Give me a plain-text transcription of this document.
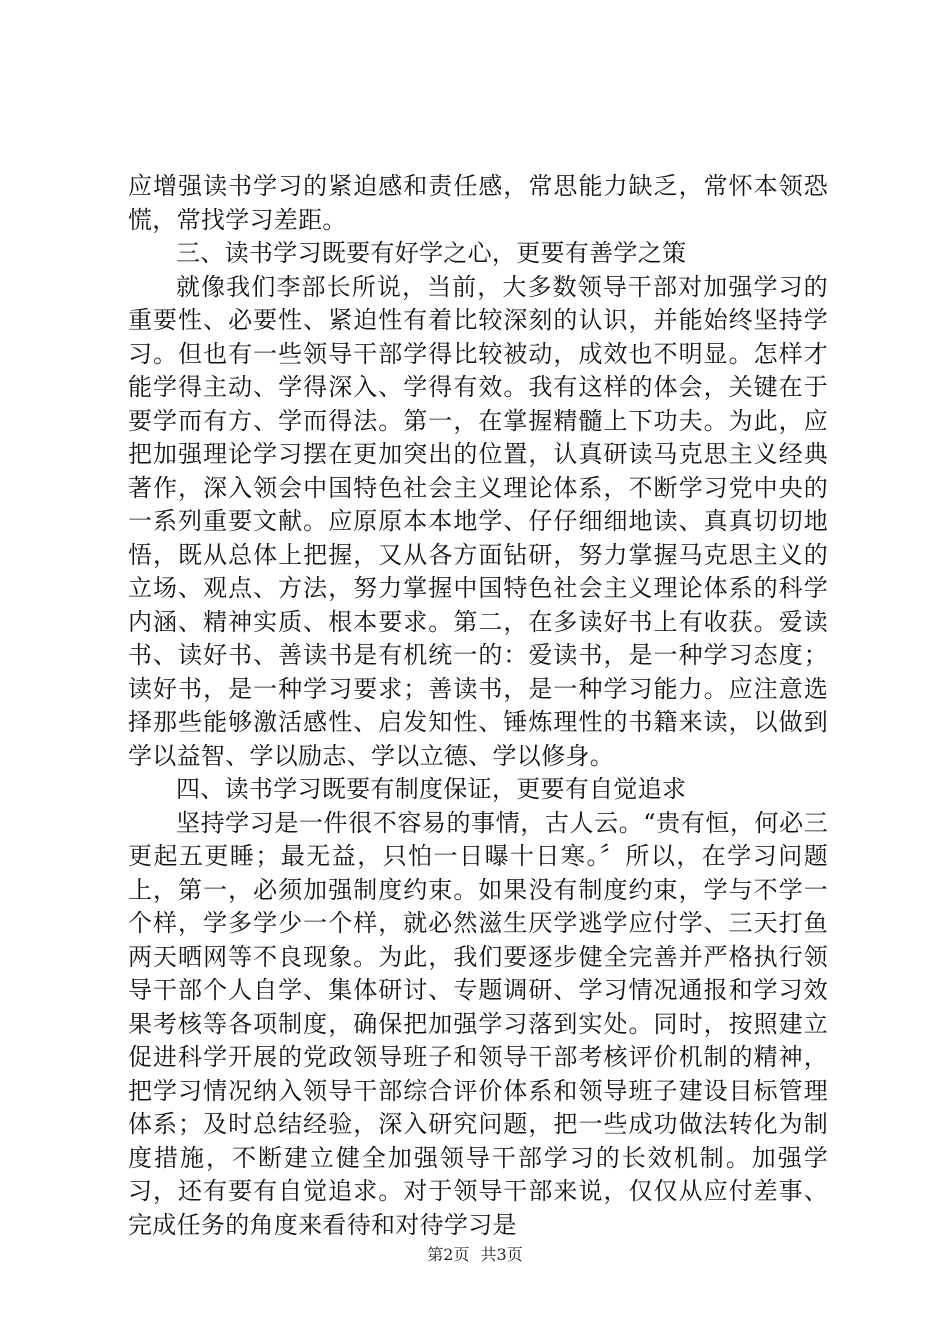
应增强读书学习的紧迫感和责任感，常思能力缺乏，常怀本领恐慌，常找学习差距。

三、读书学习既要有好学之心，更要有善学之策

就像我们李部长所说，当前，大多数领导干部对加强学习的重要性、必要性、紧迫性有着比较深刻的认识，并能始终坚持学习。但也有一些领导干部学得比较被动，成效也不明显。怎样才能学得主动、学得深入、学得有效。我有这样的体会，关键在于要学而有方、学而得法。第一，在掌握精髓上下功夫。为此，应把加强理论学习摆在更加突出的位置，认真研读马克思主义经典著作，深入领会中国特色社会主义理论体系，不断学习党中央的一系列重要文献。应原原本本地学、仔仔细细地读、真真切切地悟，既从总体上把握，又从各方面钻研，努力掌握马克思主义的立场、观点、方法，努力掌握中国特色社会主义理论体系的科学内涵、精神实质、根本要求。第二，在多读好书上有收获。爱读书、读好书、善读书是有机统一的：爱读书，是一种学习态度；读好书，是一种学习要求；善读书，是一种学习能力。应注意选择那些能够激活感性、启发知性、锤炼理性的书籍来读，以做到学以益智、学以励志、学以立德、学以修身。

四、读书学习既要有制度保证，更要有自觉追求

坚持学习是一件很不容易的事情，古人云。“贵有恒，何必三更起五更睡；最无益，只怕一日曝十日寒。〞所以，在学习问题上，第一，必须加强制度约束。如果没有制度约束，学与不学一个样，学多学少一个样，就必然滋生厌学逃学应付学、三天打鱼两天晒网等不良现象。为此，我们要逐步健全完善并严格执行领导干部个人自学、集体研讨、专题调研、学习情况通报和学习效果考核等各项制度，确保把加强学习落到实处。同时，按照建立促进科学开展的党政领导班子和领导干部考核评价机制的精神，把学习情况纳入领导干部综合评价体系和领导班子建设目标管理体系；及时总结经验，深入研究问题，把一些成功做法转化为制度措施，不断建立健全加强领导干部学习的长效机制。加强学习，还有要有自觉追求。对于领导干部来说，仅仅从应付差事、完成任务的角度来看待和对待学习是

第2页 共3页
